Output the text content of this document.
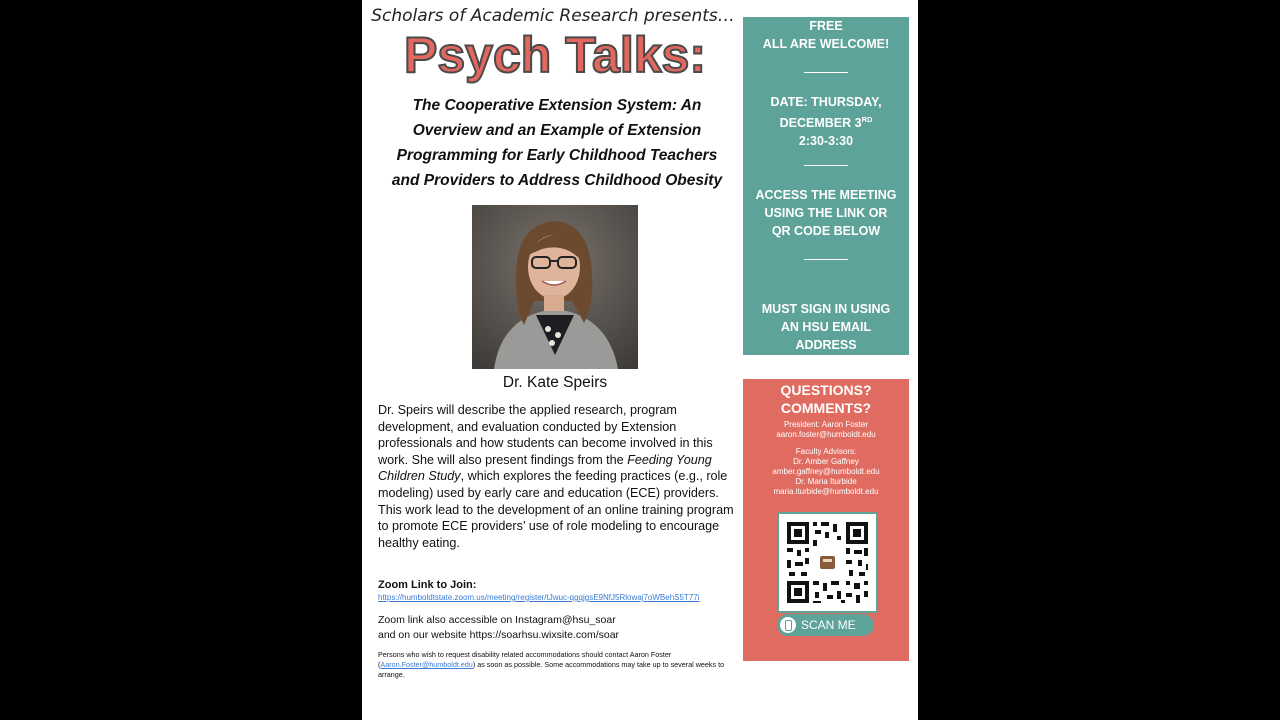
Scholars of Academic Research presents…
Psych Talks:
The Cooperative Extension System: An
Overview and an Example of Extension
Programming for Early Childhood Teachers
and Providers to Address Childhood Obesity
Dr. Kate Speirs
Dr. Speirs will describe the applied research, program development, and evaluation conducted by Extension professionals and how students can become involved in this work. She will also present findings from the Feeding Young Children Study, which explores the feeding practices (e.g., role modeling) used by early care and education (ECE) providers. This work lead to the development of an online training program to promote ECE providers’ use of role modeling to encourage healthy eating.
Zoom Link to Join:
https://humboldtstate.zoom.us/meeting/register/tJwuc-qgqjgsE9NfJ5Rlowaj7oWBehS5T77i
Zoom link also accessible on Instagram@hsu_soar
and on our website https://soarhsu.wixsite.com/soar
Persons who wish to request disability related accommodations should contact Aaron Foster (Aaron.Foster@humboldt.edu) as soon as possible. Some accommodations may take up to several weeks to arrange.
FREE
ALL ARE WELCOME!
DATE: THURSDAY,
DECEMBER 3RD
2:30-3:30
ACCESS THE MEETING
USING THE LINK OR
QR CODE BELOW
MUST SIGN IN USING
AN HSU EMAIL
ADDRESS
QUESTIONS?
COMMENTS?
President: Aaron Foster
aaron.foster@humboldt.edu
Faculty Advisors:
Dr. Amber Gaffney
amber.gaffney@humboldt.edu
Dr. Maria Iturbide
maria.iturbide@humboldt.edu
SCAN ME
